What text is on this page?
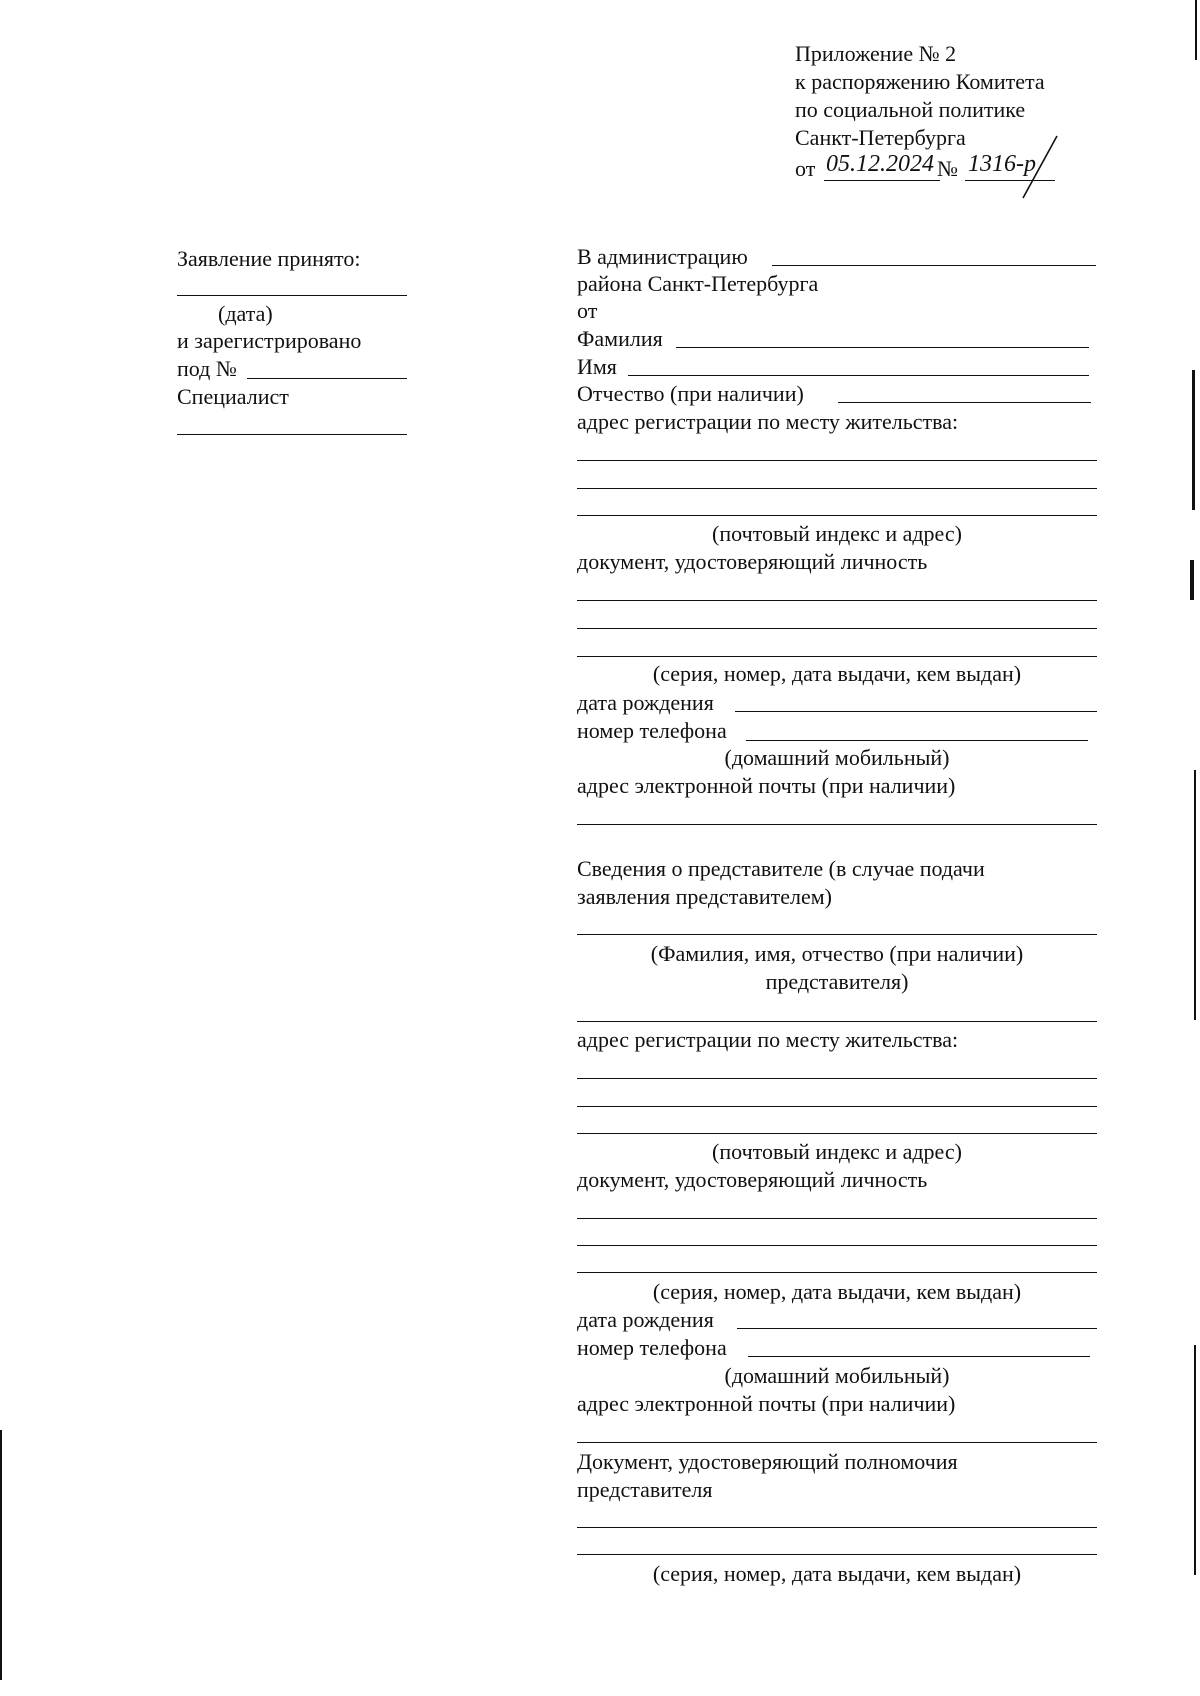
Приложение № 2
к распоряжению Комитета
по социальной политике
Санкт-Петербурга
от 05.12.2024 № 1316-р
Заявление принято:
(дата)
и зарегистрировано
под №
Специалист
В администрацию
района Санкт-Петербурга
от
Фамилия
Имя
Отчество (при наличии)
адрес регистрации по месту жительства:
(почтовый индекс и адрес)
документ, удостоверяющий личность
(серия, номер, дата выдачи, кем выдан)
дата рождения
номер телефона
(домашний мобильный)
адрес электронной почты (при наличии)
Сведения о представителе (в случае подачи
заявления представителем)
(Фамилия, имя, отчество (при наличии)
представителя)
адрес регистрации по месту жительства:
(почтовый индекс и адрес)
документ, удостоверяющий личность
(серия, номер, дата выдачи, кем выдан)
дата рождения
номер телефона
(домашний мобильный)
адрес электронной почты (при наличии)
Документ, удостоверяющий полномочия
представителя
(серия, номер, дата выдачи, кем выдан)
